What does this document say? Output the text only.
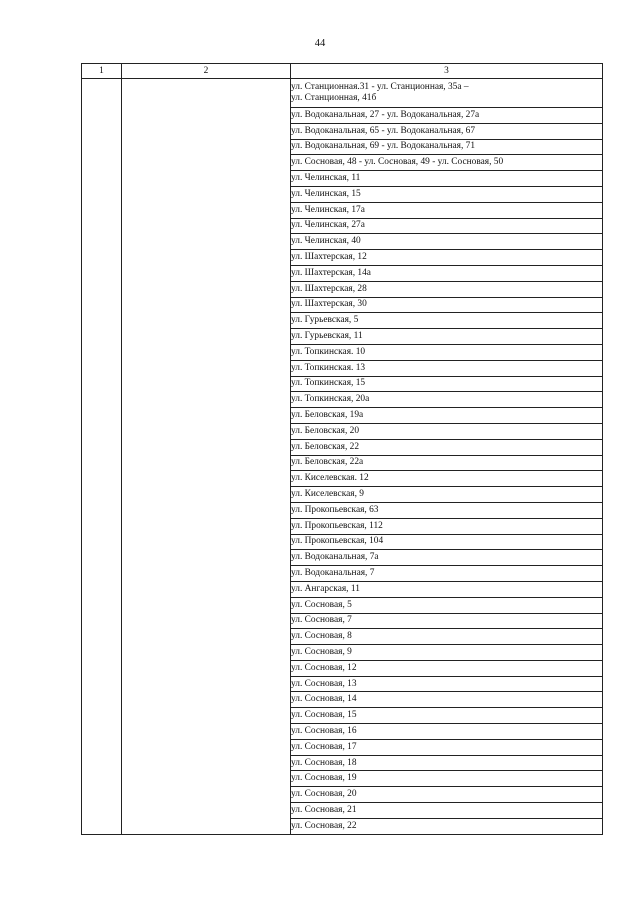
44
1	2	3

		ул. Станционная.31 - ул. Станционная, 35а –
ул. Станционная, 41б

		ул. Водоканальная, 27 - ул. Водоканальная, 27а
		ул. Водоканальная, 65 - ул. Водоканальная, 67
		ул. Водоканальная, 69 - ул. Водоканальная, 71
		ул. Сосновая, 48 - ул. Сосновая, 49 - ул. Сосновая, 50
		ул. Челинская, 11
		ул. Челинская, 15
		ул. Челинская, 17а
		ул. Челинская, 27а
		ул. Челинская, 40
		ул. Шахтерская, 12
		ул. Шахтерская, 14а
		ул. Шахтерская, 28
		ул. Шахтерская, 30
		ул. Гурьевская, 5
		ул. Гурьевская, 11
		ул. Топкинская. 10
		ул. Топкинская. 13
		ул. Топкинская, 15
		ул. Топкинская, 20а
		ул. Беловская, 19а
		ул. Беловская, 20
		ул. Беловская, 22
		ул. Беловская, 22а
		ул. Киселевская. 12
		ул. Киселевская, 9
		ул. Прокопьевская, 63
		ул. Прокопьевская, 112
		ул. Прокопьевская, 104
		ул. Водоканальная, 7а
		ул. Водоканальная, 7
		ул. Ангарская, 11
		ул. Сосновая, 5
		ул. Сосновая, 7
		ул. Сосновая, 8
		ул. Сосновая, 9
		ул. Сосновая, 12
		ул. Сосновая, 13
		ул. Сосновая, 14
		ул. Сосновая, 15
		ул. Сосновая, 16
		ул. Сосновая, 17
		ул. Сосновая, 18
		ул. Сосновая, 19
		ул. Сосновая, 20
		ул. Сосновая, 21
		ул. Сосновая, 22
